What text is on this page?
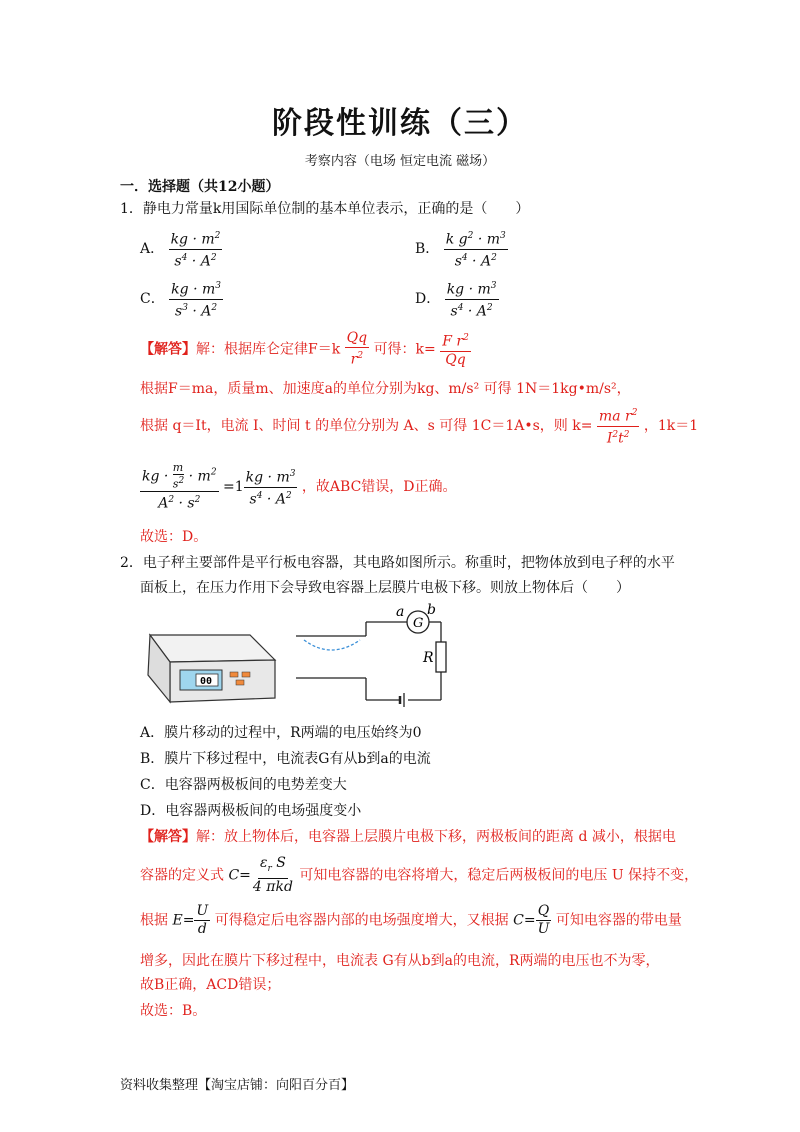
阶段性训练（三）
考察内容（电场 恒定电流 磁场）
一．选择题（共12小题）
1．静电力常量k用国际单位制的基本单位表示，正确的是（　　）
A． $\frac{kg \cdot m^2}{s^4 \cdot A^2}$	B． $\frac{k g^2 \cdot m^3}{s^4 \cdot A^2}$
C． $\frac{kg \cdot m^3}{s^3 \cdot A^2}$	D． $\frac{kg \cdot m^3}{s^4 \cdot A^2}$
【解答】解：根据库仑定律$F=k \frac{Qq}{r^2}$ 可得：$k= \frac{F r^2}{Qq}$
根据F＝ma，质量m、加速度a的单位分别为kg、m/s² 可得 1N＝1kg•m/s²，
根据 q＝It，电流 I、时间 t 的单位分别为 A、s 可得 1C＝1A•s，则 $k= \frac{ma r^2}{I^2t^2}$ ，1k＝1
$\frac{kg \cdot \frac{m}{s^2} \cdot m^2}{A^2 \cdot s^2} =1 \frac{kg \cdot m^3}{s^4 \cdot A^2}$ ，故ABC错误，D正确。
故选：D。
2．电子秤主要部件是平行板电容器，其电路如图所示。称重时，把物体放到电子秤的水平
面板上，在压力作用下会导致电容器上层膜片电极下移。则放上物体后（　　）
00
a b
G
R
A．膜片移动的过程中，R两端的电压始终为0
B．膜片下移过程中，电流表G有从b到a的电流
C．电容器两极板间的电势差变大
D．电容器两极板间的电场强度变小
【解答】解：放上物体后，电容器上层膜片电极下移，两极板间的距离 d 减小，根据电
容器的定义式 $C= \frac{\varepsilon_r S}{\text{4 πkd}}$ 可知电容器的电容将增大，稳定后两极板间的电压 U 保持不变，
根据 $E= \frac{U}{d}$ 可得稳定后电容器内部的电场强度增大，又根据 $C= \frac{Q}{U}$ 可知电容器的带电量
增多，因此在膜片下移过程中，电流表 G有从b到a的电流，R两端的电压也不为零，
故B正确，ACD错误；
故选：B。
资料收集整理【淘宝店铺：向阳百分百】
